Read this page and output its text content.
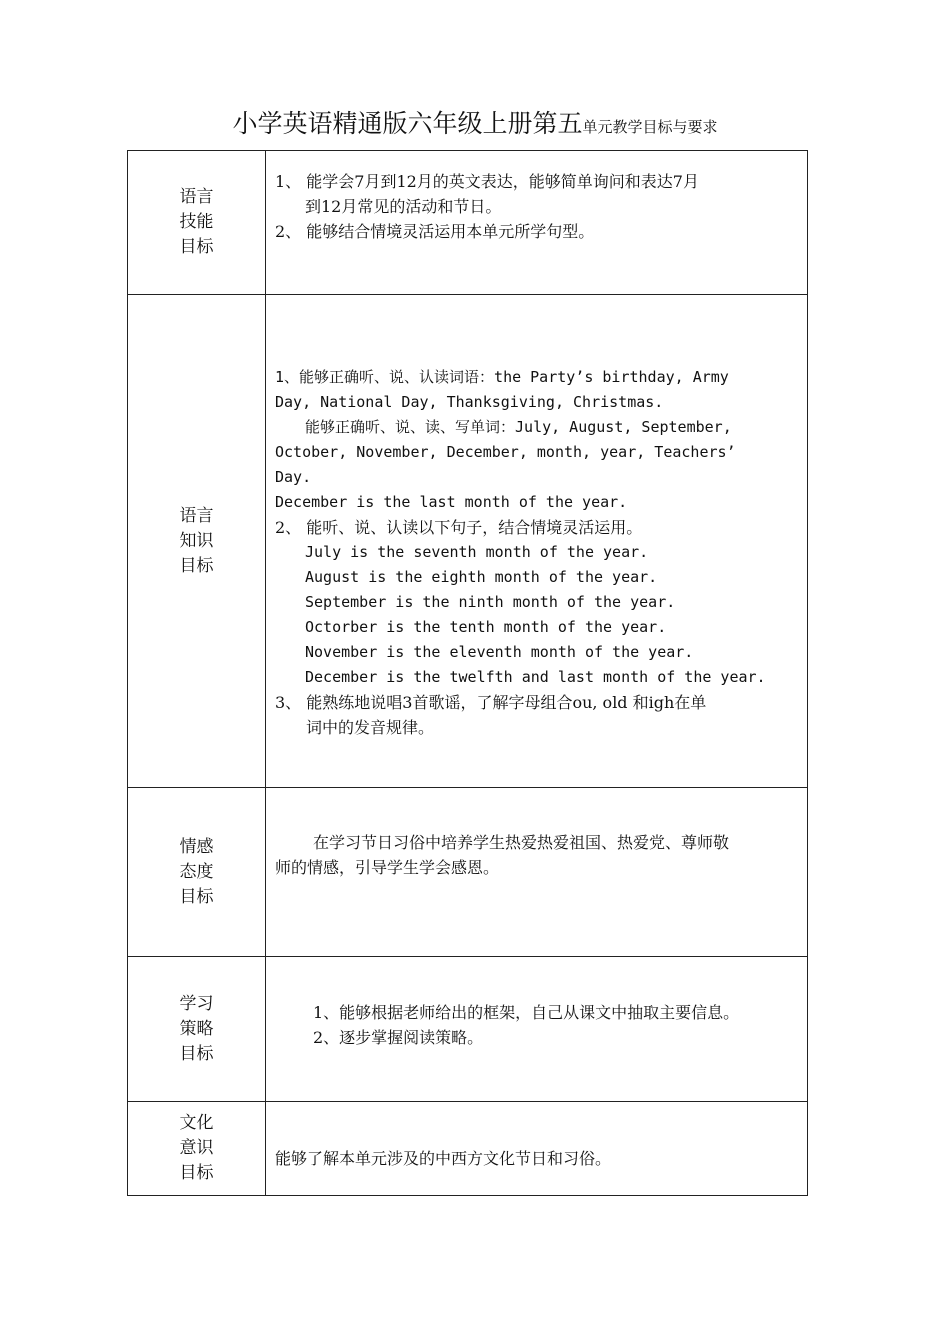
小学英语精通版六年级上册第五单元教学目标与要求
语言
技能
目标
1、 能学会7月到12月的英文表达，能够简单询问和表达7月
到12月常见的活动和节日。
2、 能够结合情境灵活运用本单元所学句型。
语言
知识
目标
1、能够正确听、说、认读词语：the Party’s birthday, Army
Day, National Day, Thanksgiving, Christmas.
能够正确听、说、读、写单词：July, August, September,
October, November, December, month, year, Teachers’
Day.
December is the last month of the year.
2、 能听、说、认读以下句子，结合情境灵活运用。
July is the seventh month of the year.
August is the eighth month of the year.
September is the ninth month of the year.
Octorber is the tenth month of the year.
November is the eleventh month of the year.
December is the twelfth and last month of the year.
3、 能熟练地说唱3首歌谣，了解字母组合ou, old 和igh在单
词中的发音规律。
情感
态度
目标
在学习节日习俗中培养学生热爱热爱祖国、热爱党、尊师敬
师的情感，引导学生学会感恩。
学习
策略
目标
1、能够根据老师给出的框架，自己从课文中抽取主要信息。
2、逐步掌握阅读策略。
文化
意识
目标
能够了解本单元涉及的中西方文化节日和习俗。
